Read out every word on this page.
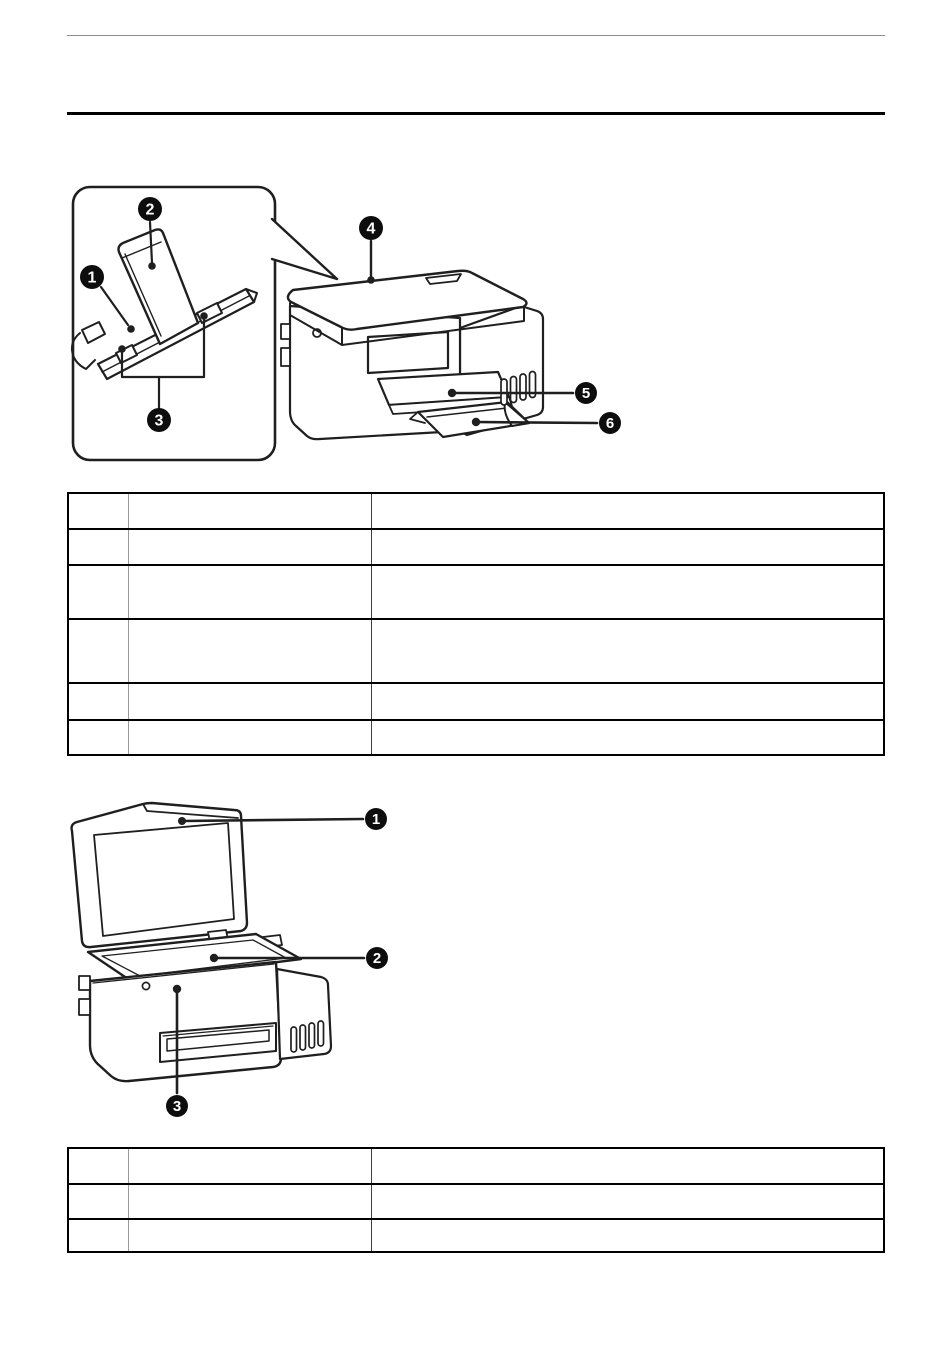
1
2
3
4
5
6
1
2
3
